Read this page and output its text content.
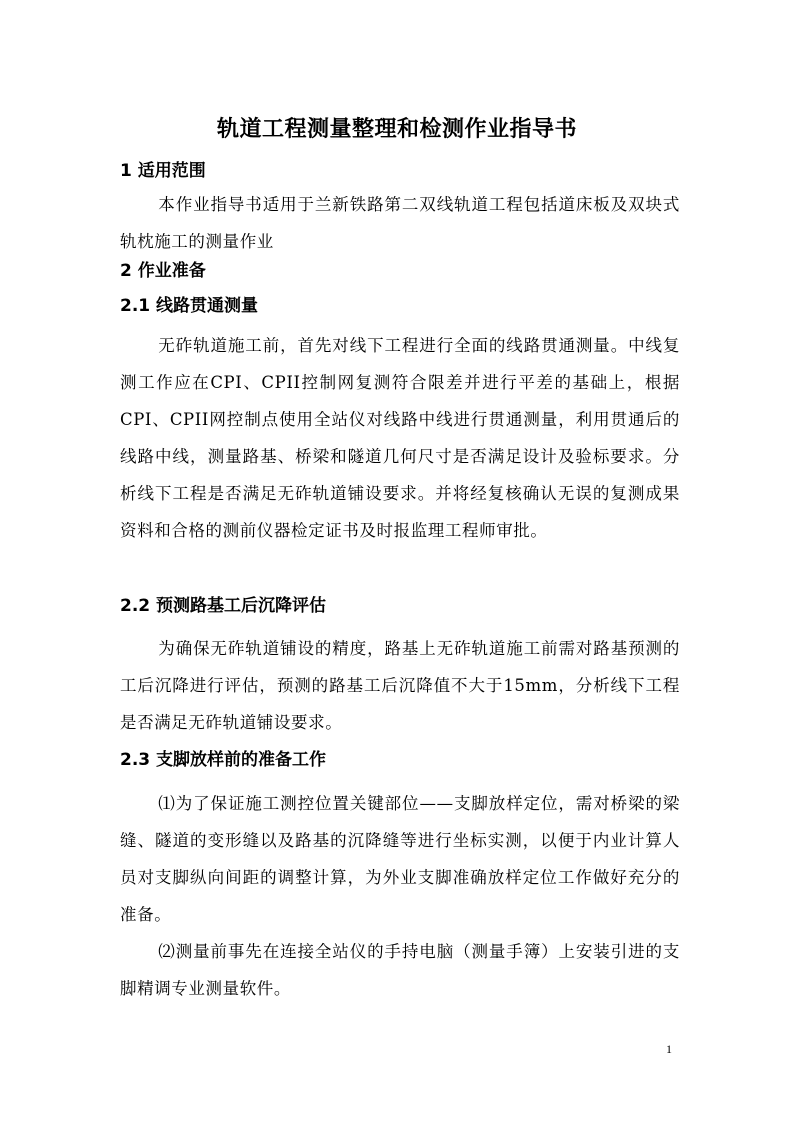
轨道工程测量整理和检测作业指导书
1 适用范围
本作业指导书适用于兰新铁路第二双线轨道工程包括道床板及双块式轨枕施工的测量作业
2 作业准备
2.1 线路贯通测量
无砟轨道施工前，首先对线下工程进行全面的线路贯通测量。中线复测工作应在CPI、CPII控制网复测符合限差并进行平差的基础上，根据CPI、CPII网控制点使用全站仪对线路中线进行贯通测量，利用贯通后的线路中线，测量路基、桥梁和隧道几何尺寸是否满足设计及验标要求。分析线下工程是否满足无砟轨道铺设要求。并将经复核确认无误的复测成果资料和合格的测前仪器检定证书及时报监理工程师审批。
2.2 预测路基工后沉降评估
为确保无砟轨道铺设的精度，路基上无砟轨道施工前需对路基预测的工后沉降进行评估，预测的路基工后沉降值不大于15mm，分析线下工程是否满足无砟轨道铺设要求。
2.3 支脚放样前的准备工作
⑴为了保证施工测控位置关键部位——支脚放样定位，需对桥梁的梁缝、隧道的变形缝以及路基的沉降缝等进行坐标实测，以便于内业计算人员对支脚纵向间距的调整计算，为外业支脚准确放样定位工作做好充分的准备。
⑵测量前事先在连接全站仪的手持电脑（测量手簿）上安装引进的支脚精调专业测量软件。
1
